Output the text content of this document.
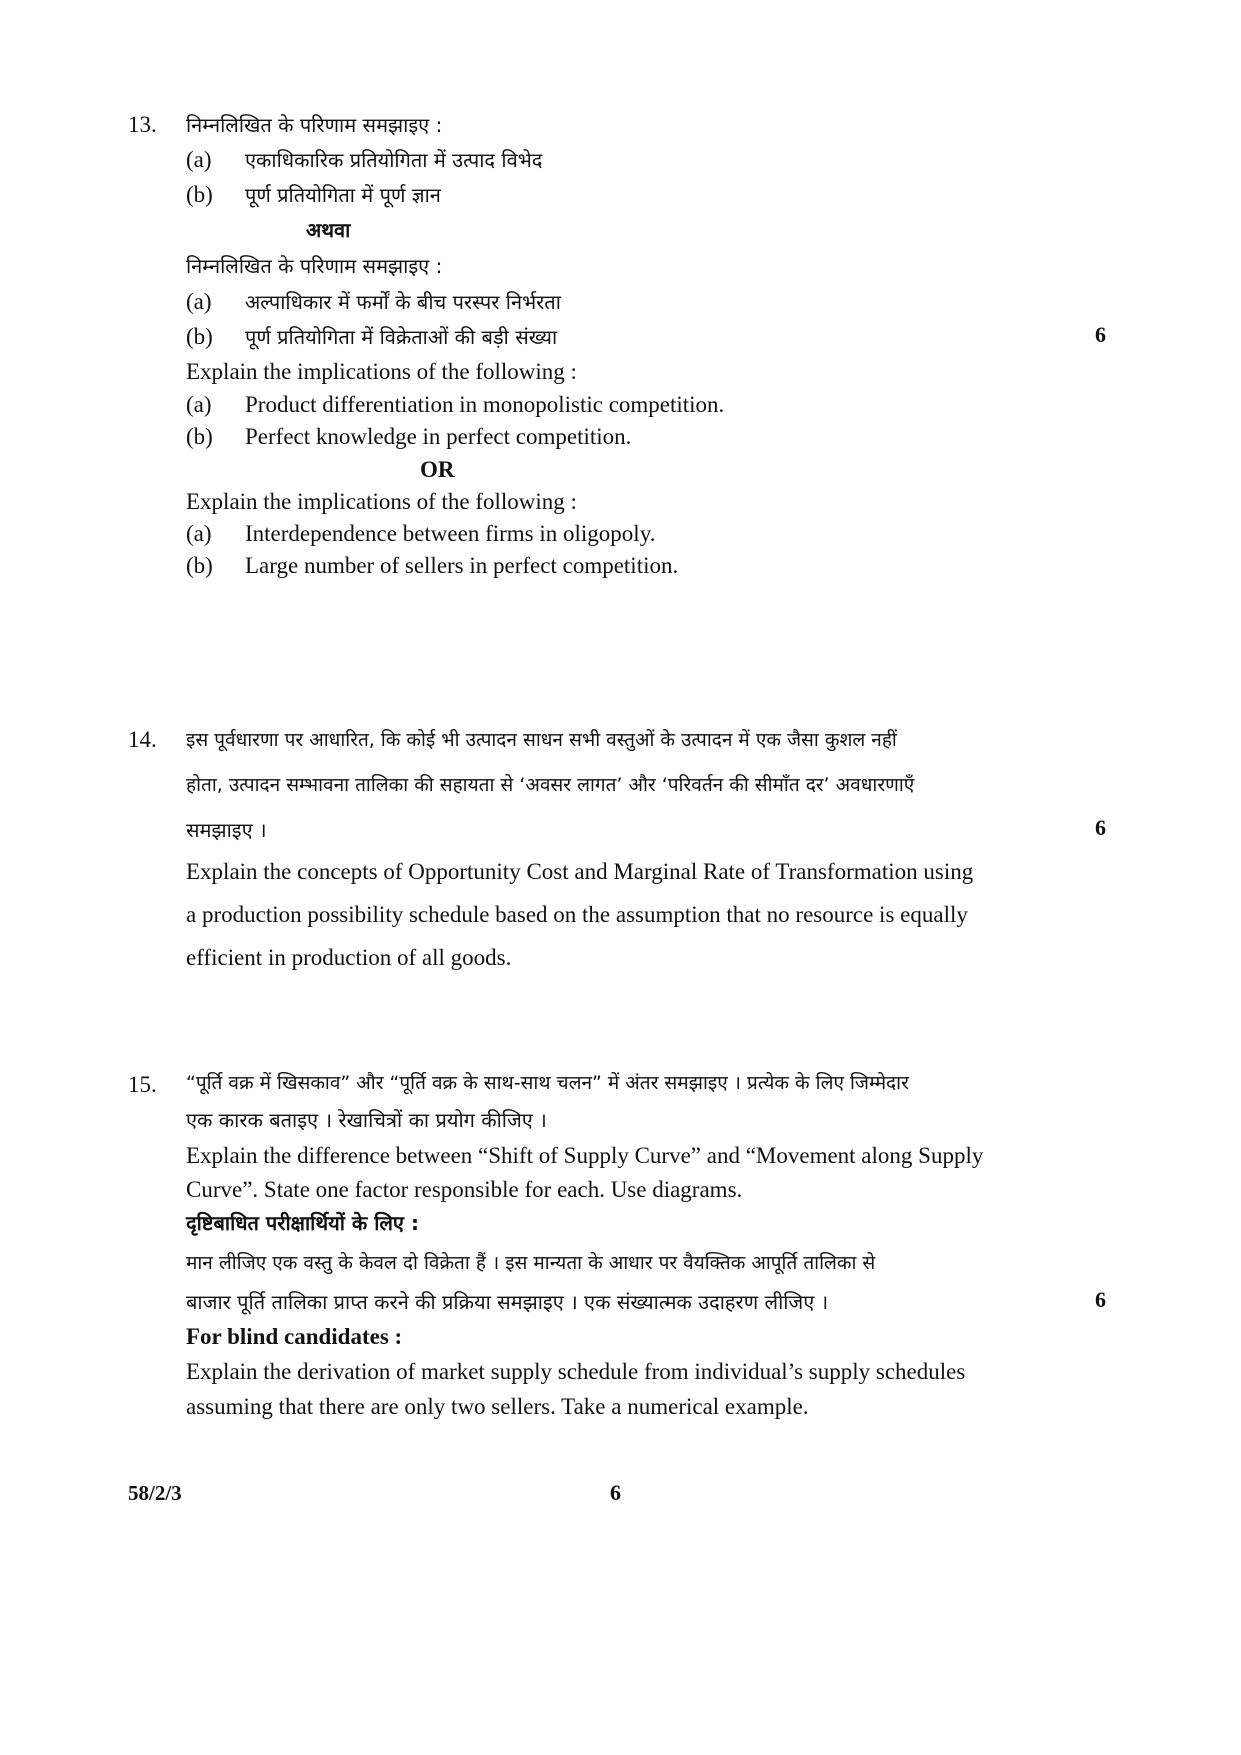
13. निम्नलिखित के परिणाम समझाइए :
(a) एकाधिकारिक प्रतियोगिता में उत्पाद विभेद
(b) पूर्ण प्रतियोगिता में पूर्ण ज्ञान
अथवा
निम्नलिखित के परिणाम समझाइए :
(a) अल्पाधिकार में फर्मों के बीच परस्पर निर्भरता
(b) पूर्ण प्रतियोगिता में विक्रेताओं की बड़ी संख्या	6
Explain the implications of the following :
(a) Product differentiation in monopolistic competition.
(b) Perfect knowledge in perfect competition.
OR
Explain the implications of the following :
(a) Interdependence between firms in oligopoly.
(b) Large number of sellers in perfect competition.
14. इस पूर्वधारणा पर आधारित, कि कोई भी उत्पादन साधन सभी वस्तुओं के उत्पादन में एक जैसा कुशल नहीं
होता, उत्पादन सम्भावना तालिका की सहायता से ‘अवसर लागत’ और ‘परिवर्तन की सीमाँत दर’ अवधारणाएँ
समझाइए ।	6
Explain the concepts of Opportunity Cost and Marginal Rate of Transformation using
a production possibility schedule based on the assumption that no resource is equally
efficient in production of all goods.
15. “पूर्ति वक्र में खिसकाव” और “पूर्ति वक्र के साथ-साथ चलन” में अंतर समझाइए । प्रत्येक के लिए जिम्मेदार
एक कारक बताइए । रेखाचित्रों का प्रयोग कीजिए ।
Explain the difference between “Shift of Supply Curve” and “Movement along Supply
Curve”. State one factor responsible for each. Use diagrams.
दृष्टिबाधित परीक्षार्थियों के लिए :
मान लीजिए एक वस्तु के केवल दो विक्रेता हैं । इस मान्यता के आधार पर वैयक्तिक आपूर्ति तालिका से
बाजार पूर्ति तालिका प्राप्त करने की प्रक्रिया समझाइए । एक संख्यात्मक उदाहरण लीजिए ।	6
For blind candidates :
Explain the derivation of market supply schedule from individual’s supply schedules
assuming that there are only two sellers. Take a numerical example.
58/2/3	6
